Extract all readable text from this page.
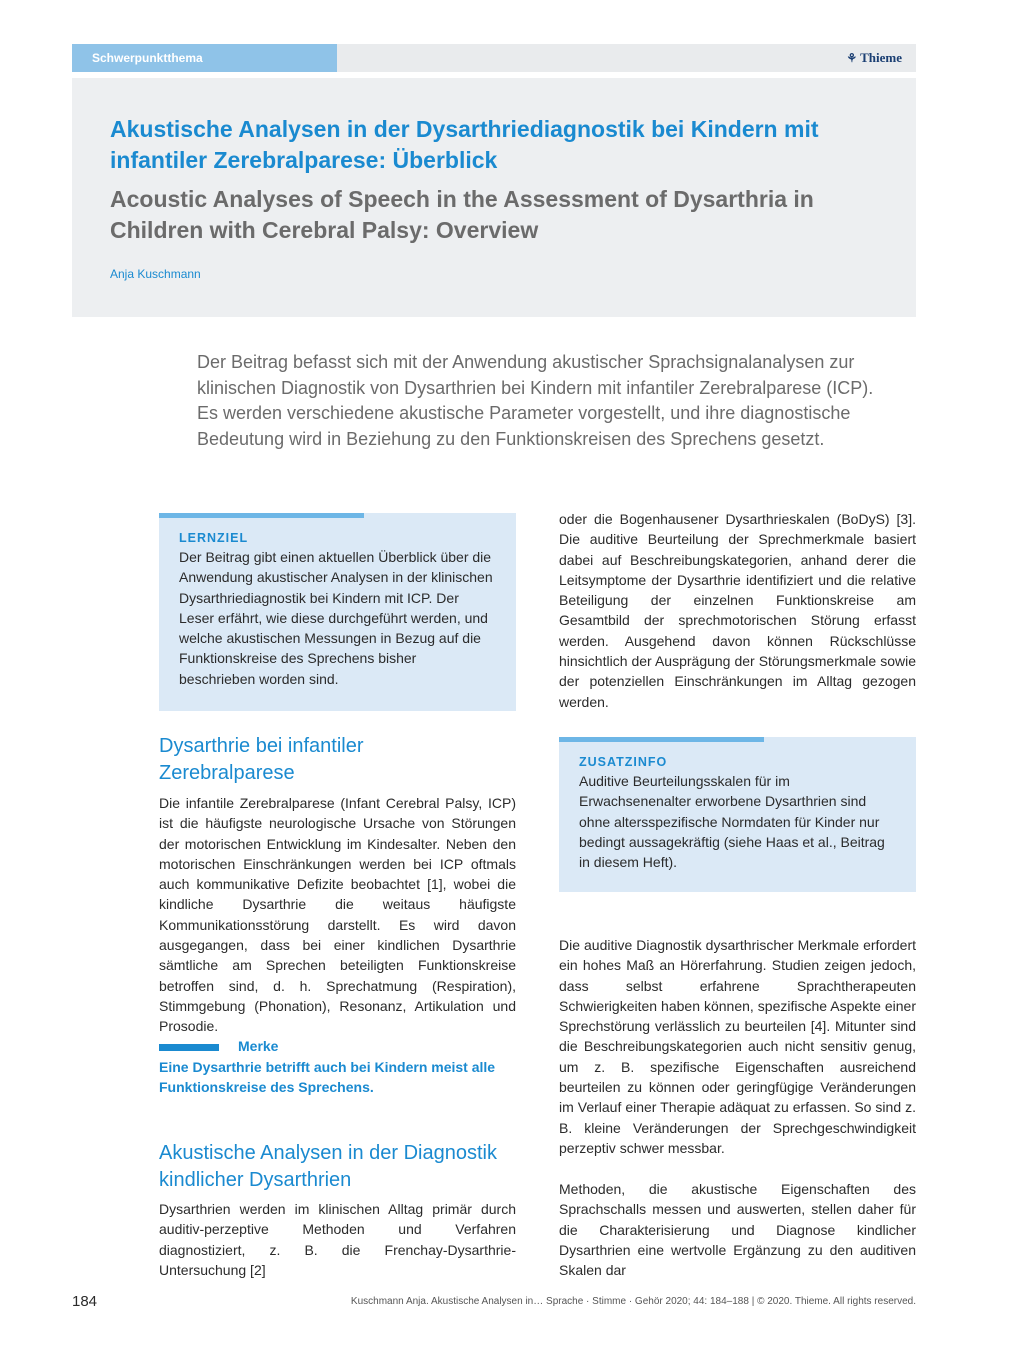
Schwerpunktthema	⚘ Thieme
Akustische Analysen in der Dysarthriediagnostik bei Kindern mit infantiler Zerebralparese: Überblick
Acoustic Analyses of Speech in the Assessment of Dysarthria in Children with Cerebral Palsy: Overview
Anja Kuschmann
Der Beitrag befasst sich mit der Anwendung akustischer Sprachsignalanalysen zur klinischen Diagnostik von Dysarthrien bei Kindern mit infantiler Zerebralparese (ICP). Es werden verschiedene akustische Parameter vorgestellt, und ihre diagnostische Bedeutung wird in Beziehung zu den Funktionskreisen des Sprechens gesetzt.
LERNZIEL
Der Beitrag gibt einen aktuellen Überblick über die Anwendung akustischer Analysen in der klinischen Dysarthriediagnostik bei Kindern mit ICP. Der Leser erfährt, wie diese durchgeführt werden, und welche akustischen Messungen in Bezug auf die Funktionskreise des Sprechens bisher beschrieben worden sind.
Dysarthrie bei infantiler Zerebralparese
Die infantile Zerebralparese (Infant Cerebral Palsy, ICP) ist die häufigste neurologische Ursache von Störungen der motorischen Entwicklung im Kindesalter. Neben den motorischen Einschränkungen werden bei ICP oftmals auch kommunikative Defizite beobachtet [1], wobei die kindliche Dysarthrie die weitaus häufigste Kommunikationsstörung darstellt. Es wird davon ausgegangen, dass bei einer kindlichen Dysarthrie sämtliche am Sprechen beteiligten Funktionskreise betroffen sind, d. h. Sprechatmung (Respiration), Stimmgebung (Phonation), Resonanz, Artikulation und Prosodie.
Merke
Eine Dysarthrie betrifft auch bei Kindern meist alle Funktionskreise des Sprechens.
Akustische Analysen in der Diagnostik kindlicher Dysarthrien
Dysarthrien werden im klinischen Alltag primär durch auditiv-perzeptive Methoden und Verfahren diagnostiziert, z. B. die Frenchay-Dysarthrie-Untersuchung [2]
oder die Bogenhausener Dysarthrieskalen (BoDyS) [3]. Die auditive Beurteilung der Sprechmerkmale basiert dabei auf Beschreibungskategorien, anhand derer die Leitsymptome der Dysarthrie identifiziert und die relative Beteiligung der einzelnen Funktionskreise am Gesamtbild der sprechmotorischen Störung erfasst werden. Ausgehend davon können Rückschlüsse hinsichtlich der Ausprägung der Störungsmerkmale sowie der potenziellen Einschränkungen im Alltag gezogen werden.
ZUSATZINFO
Auditive Beurteilungsskalen für im Erwachsenenalter erworbene Dysarthrien sind ohne altersspezifische Normdaten für Kinder nur bedingt aussagekräftig (siehe Haas et al., Beitrag in diesem Heft).
Die auditive Diagnostik dysarthrischer Merkmale erfordert ein hohes Maß an Hörerfahrung. Studien zeigen jedoch, dass selbst erfahrene Sprachtherapeuten Schwierigkeiten haben können, spezifische Aspekte einer Sprechstörung verlässlich zu beurteilen [4]. Mitunter sind die Beschreibungskategorien auch nicht sensitiv genug, um z. B. spezifische Eigenschaften ausreichend beurteilen zu können oder geringfügige Veränderungen im Verlauf einer Therapie adäquat zu erfassen. So sind z. B. kleine Veränderungen der Sprechgeschwindigkeit perzeptiv schwer messbar.
Methoden, die akustische Eigenschaften des Sprachschalls messen und auswerten, stellen daher für die Charakterisierung und Diagnose kindlicher Dysarthrien eine wertvolle Ergänzung zu den auditiven Skalen dar
184	Kuschmann Anja. Akustische Analysen in… Sprache · Stimme · Gehör 2020; 44: 184–188 | © 2020. Thieme. All rights reserved.
